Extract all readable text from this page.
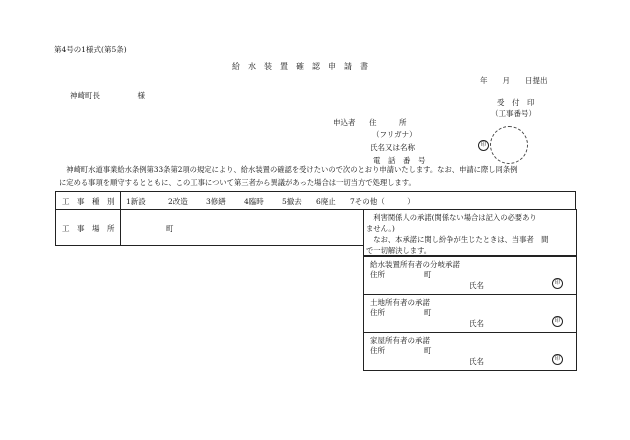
第4号の1様式(第5条)
給　水　装　置　確　認　申　請　書
年　　月　　日提出
神崎町長　　　　　様
受　付　印
（工事番号）
申込者 住　　　所
（フリガナ）
氏名又は名称	印
電　話　番　号
　神崎町水道事業給水条例第33条第2項の規定により、給水装置の確認を受けたいので次のとおり申請いたします。なお、申請に際し同条例
に定める事項を順守するとともに、この工事について第三者から異議があった場合は一切当方で処理します。
工　事　種　別 1新設	2改造 3修繕 4臨時 5撤去 6廃止 7その他（　　　）
工　事　場　所	町
　利害関係人の承諾(関係ない場合は記入の必要あり
ません。)
　なお、本承諾に関し紛争が生じたときは、当事者　間
で一切解決します。
給水装置所有者の分岐承諾
住所	町
氏名	印
土地所有者の承諾
住所	町
氏名	印
家屋所有者の承諾
住所	町
氏名	印
